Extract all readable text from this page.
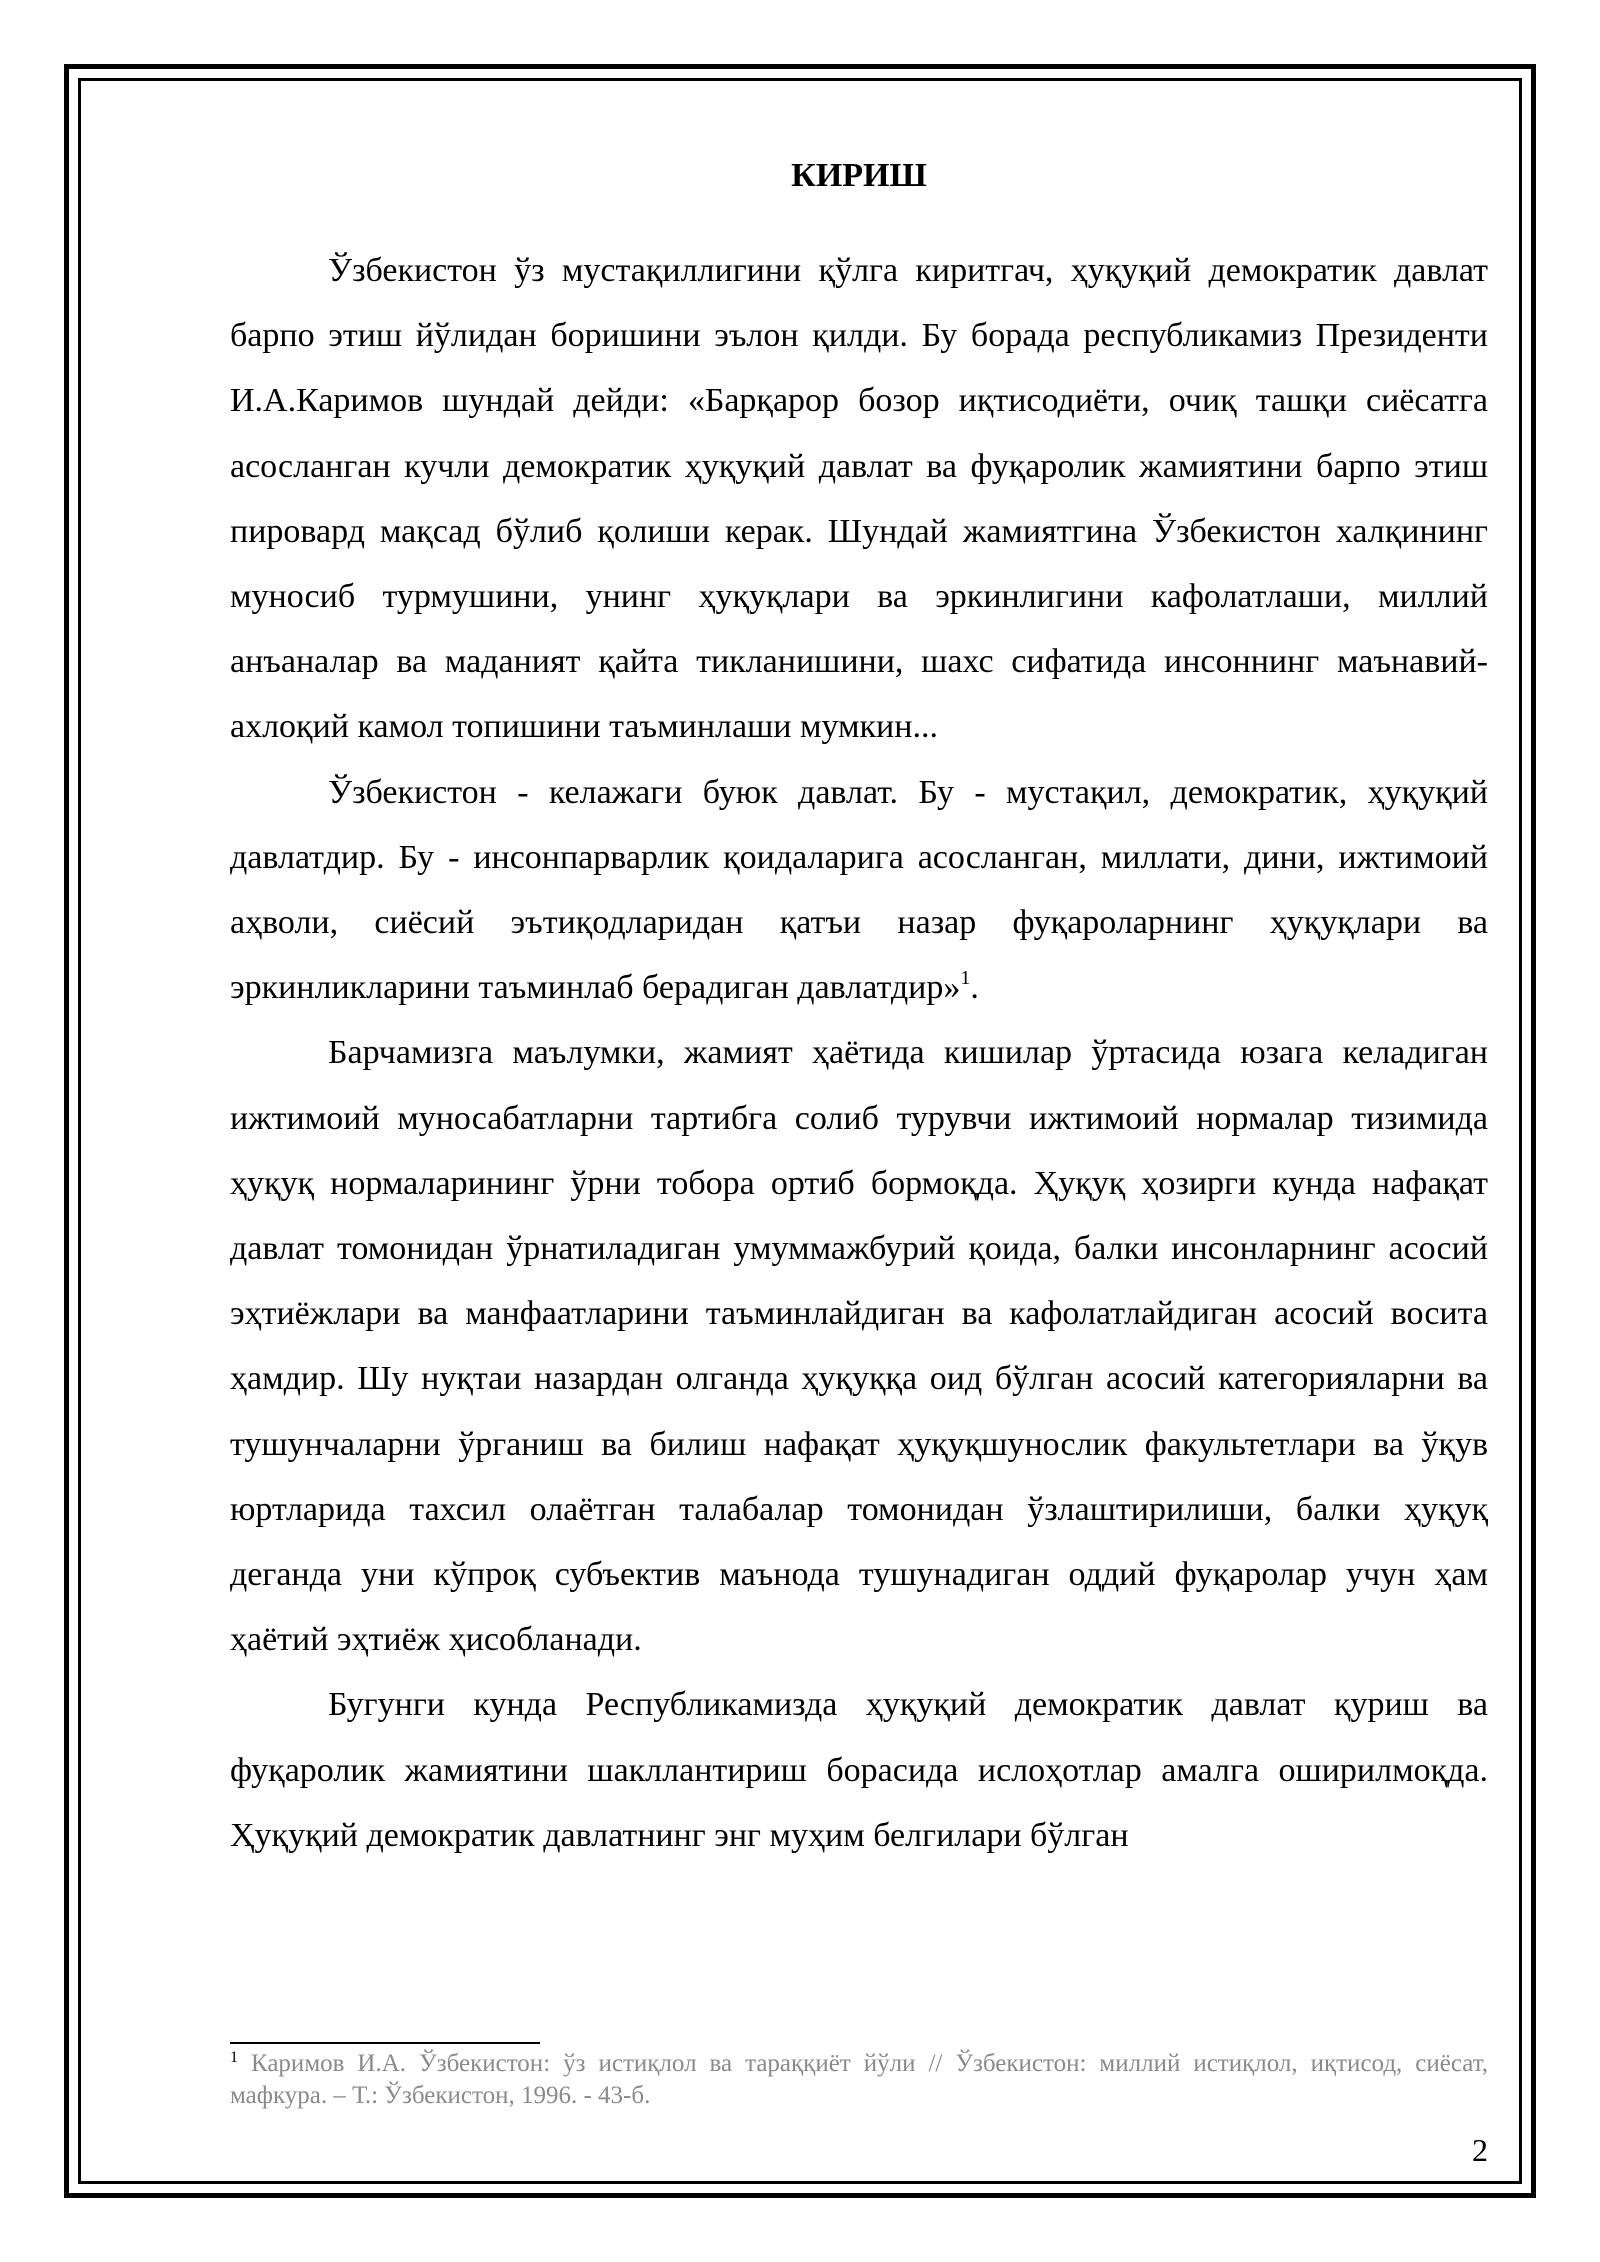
КИРИШ

Ўзбекистон ўз мустақиллигини қўлга киритгач, ҳуқуқий демократик давлат барпо этиш йўлидан боришини эълон қилди. Бу борада республикамиз Президенти И.А.Каримов шундай дейди: «Барқарор бозор иқтисодиёти, очиқ ташқи сиёсатга асосланган кучли демократик ҳуқуқий давлат ва фуқаролик жамиятини барпо этиш пировард мақсад бўлиб қолиши керак. Шундай жамиятгина Ўзбекистон халқининг муносиб турмушини, унинг ҳуқуқлари ва эркинлигини кафолатлаши, миллий анъаналар ва маданият қайта тикланишини, шахс сифатида инсоннинг маънавий-ахлоқий камол топишини таъминлаши мумкин...

Ўзбекистон - келажаги буюк давлат. Бу - мустақил, демократик, ҳуқуқий давлатдир. Бу - инсонпарварлик қоидаларига асосланган, миллати, дини, ижтимоий аҳволи, сиёсий эътиқодларидан қатъи назар фуқароларнинг ҳуқуқлари ва эркинликларини таъминлаб берадиган давлатдир»$^1$.

Барчамизга маълумки, жамият ҳаётида кишилар ўртасида юзага келадиган ижтимоий муносабатларни тартибга солиб турувчи ижтимоий нормалар тизимида ҳуқуқ нормаларининг ўрни тобора ортиб бормоқда. Ҳуқуқ ҳозирги кунда нафақат давлат томонидан ўрнатиладиган умуммажбурий қоида, балки инсонларнинг асосий эҳтиёжлари ва манфаатларини таъминлайдиган ва кафолатлайдиган асосий восита ҳамдир. Шу нуқтаи назардан олганда ҳуқуққа оид бўлган асосий категорияларни ва тушунчаларни ўрганиш ва билиш нафақат ҳуқуқшунослик факультетлари ва ўқув юртларида тахсил олаётган талабалар томонидан ўзлаштирилиши, балки ҳуқуқ деганда уни кўпроқ субъектив маънода тушунадиган оддий фуқаролар учун ҳам ҳаётий эҳтиёж ҳисобланади.

Бугунги кунда Республикамизда ҳуқуқий демократик давлат қуриш ва фуқаролик жамиятини шакллантириш борасида ислоҳотлар амалга оширилмоқда. Ҳуқуқий демократик давлатнинг энг муҳим белгилари бўлган

$^1$ Каримов И.А. Ўзбекистон: ўз истиқлол ва тараққиёт йўли // Ўзбекистон: миллий истиқлол, иқтисод, сиёсат, мафкура. – Т.: Ўзбекистон, 1996. - 43-б.
2
